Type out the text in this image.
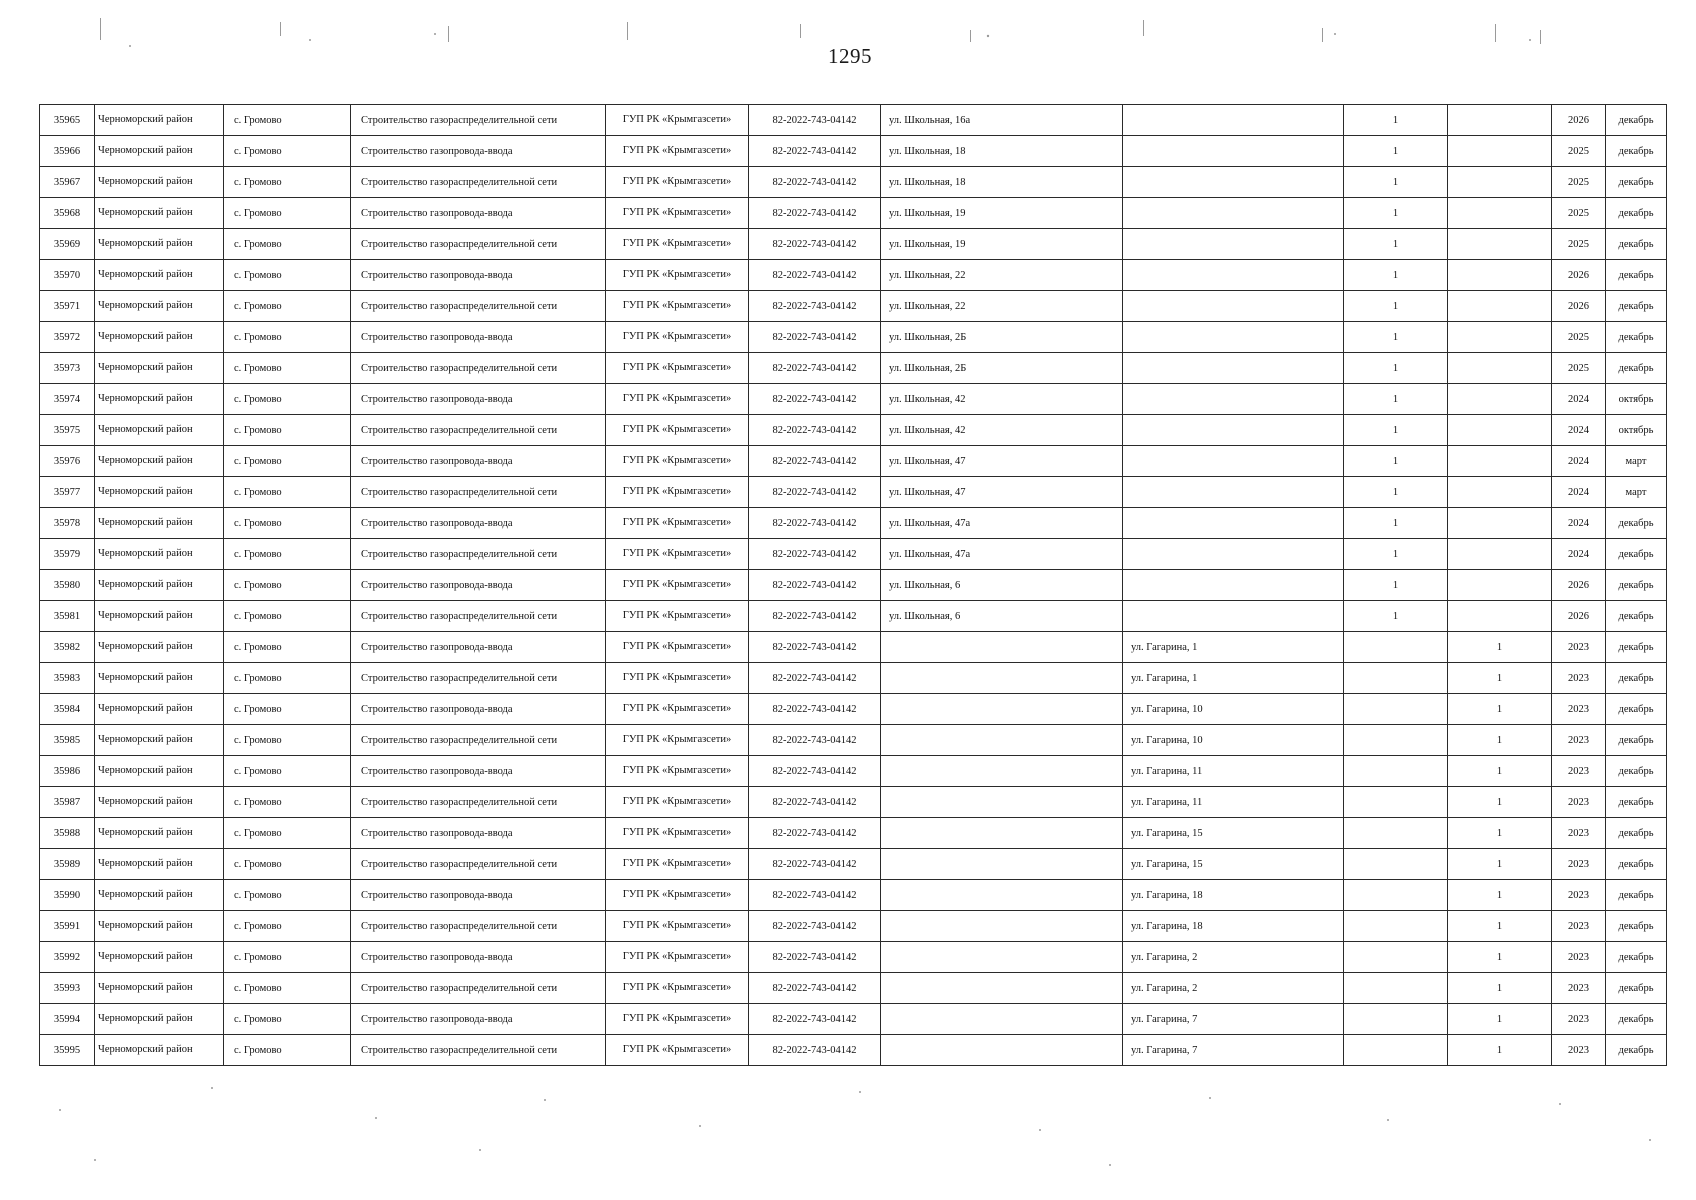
1295
35965	Черноморский район	с. Громово	Строительство газораспределительной сети	ГУП РК «Крымгазсети»	82-2022-743-04142	ул. Школьная, 16а		1		2026	декабрь
35966	Черноморский район	с. Громово	Строительство газопровода-ввода	ГУП РК «Крымгазсети»	82-2022-743-04142	ул. Школьная, 18		1		2025	декабрь
35967	Черноморский район	с. Громово	Строительство газораспределительной сети	ГУП РК «Крымгазсети»	82-2022-743-04142	ул. Школьная, 18		1		2025	декабрь
35968	Черноморский район	с. Громово	Строительство газопровода-ввода	ГУП РК «Крымгазсети»	82-2022-743-04142	ул. Школьная, 19		1		2025	декабрь
35969	Черноморский район	с. Громово	Строительство газораспределительной сети	ГУП РК «Крымгазсети»	82-2022-743-04142	ул. Школьная, 19		1		2025	декабрь
35970	Черноморский район	с. Громово	Строительство газопровода-ввода	ГУП РК «Крымгазсети»	82-2022-743-04142	ул. Школьная, 22		1		2026	декабрь
35971	Черноморский район	с. Громово	Строительство газораспределительной сети	ГУП РК «Крымгазсети»	82-2022-743-04142	ул. Школьная, 22		1		2026	декабрь
35972	Черноморский район	с. Громово	Строительство газопровода-ввода	ГУП РК «Крымгазсети»	82-2022-743-04142	ул. Школьная, 2Б		1		2025	декабрь
35973	Черноморский район	с. Громово	Строительство газораспределительной сети	ГУП РК «Крымгазсети»	82-2022-743-04142	ул. Школьная, 2Б		1		2025	декабрь
35974	Черноморский район	с. Громово	Строительство газопровода-ввода	ГУП РК «Крымгазсети»	82-2022-743-04142	ул. Школьная, 42		1		2024	октябрь
35975	Черноморский район	с. Громово	Строительство газораспределительной сети	ГУП РК «Крымгазсети»	82-2022-743-04142	ул. Школьная, 42		1		2024	октябрь
35976	Черноморский район	с. Громово	Строительство газопровода-ввода	ГУП РК «Крымгазсети»	82-2022-743-04142	ул. Школьная, 47		1		2024	март
35977	Черноморский район	с. Громово	Строительство газораспределительной сети	ГУП РК «Крымгазсети»	82-2022-743-04142	ул. Школьная, 47		1		2024	март
35978	Черноморский район	с. Громово	Строительство газопровода-ввода	ГУП РК «Крымгазсети»	82-2022-743-04142	ул. Школьная, 47а		1		2024	декабрь
35979	Черноморский район	с. Громово	Строительство газораспределительной сети	ГУП РК «Крымгазсети»	82-2022-743-04142	ул. Школьная, 47а		1		2024	декабрь
35980	Черноморский район	с. Громово	Строительство газопровода-ввода	ГУП РК «Крымгазсети»	82-2022-743-04142	ул. Школьная, 6		1		2026	декабрь
35981	Черноморский район	с. Громово	Строительство газораспределительной сети	ГУП РК «Крымгазсети»	82-2022-743-04142	ул. Школьная, 6		1		2026	декабрь
35982	Черноморский район	с. Громово	Строительство газопровода-ввода	ГУП РК «Крымгазсети»	82-2022-743-04142		ул. Гагарина, 1		1	2023	декабрь
35983	Черноморский район	с. Громово	Строительство газораспределительной сети	ГУП РК «Крымгазсети»	82-2022-743-04142		ул. Гагарина, 1		1	2023	декабрь
35984	Черноморский район	с. Громово	Строительство газопровода-ввода	ГУП РК «Крымгазсети»	82-2022-743-04142		ул. Гагарина, 10		1	2023	декабрь
35985	Черноморский район	с. Громово	Строительство газораспределительной сети	ГУП РК «Крымгазсети»	82-2022-743-04142		ул. Гагарина, 10		1	2023	декабрь
35986	Черноморский район	с. Громово	Строительство газопровода-ввода	ГУП РК «Крымгазсети»	82-2022-743-04142		ул. Гагарина, 11		1	2023	декабрь
35987	Черноморский район	с. Громово	Строительство газораспределительной сети	ГУП РК «Крымгазсети»	82-2022-743-04142		ул. Гагарина, 11		1	2023	декабрь
35988	Черноморский район	с. Громово	Строительство газопровода-ввода	ГУП РК «Крымгазсети»	82-2022-743-04142		ул. Гагарина, 15		1	2023	декабрь
35989	Черноморский район	с. Громово	Строительство газораспределительной сети	ГУП РК «Крымгазсети»	82-2022-743-04142		ул. Гагарина, 15		1	2023	декабрь
35990	Черноморский район	с. Громово	Строительство газопровода-ввода	ГУП РК «Крымгазсети»	82-2022-743-04142		ул. Гагарина, 18		1	2023	декабрь
35991	Черноморский район	с. Громово	Строительство газораспределительной сети	ГУП РК «Крымгазсети»	82-2022-743-04142		ул. Гагарина, 18		1	2023	декабрь
35992	Черноморский район	с. Громово	Строительство газопровода-ввода	ГУП РК «Крымгазсети»	82-2022-743-04142		ул. Гагарина, 2		1	2023	декабрь
35993	Черноморский район	с. Громово	Строительство газораспределительной сети	ГУП РК «Крымгазсети»	82-2022-743-04142		ул. Гагарина, 2		1	2023	декабрь
35994	Черноморский район	с. Громово	Строительство газопровода-ввода	ГУП РК «Крымгазсети»	82-2022-743-04142		ул. Гагарина, 7		1	2023	декабрь
35995	Черноморский район	с. Громово	Строительство газораспределительной сети	ГУП РК «Крымгазсети»	82-2022-743-04142		ул. Гагарина, 7		1	2023	декабрь
